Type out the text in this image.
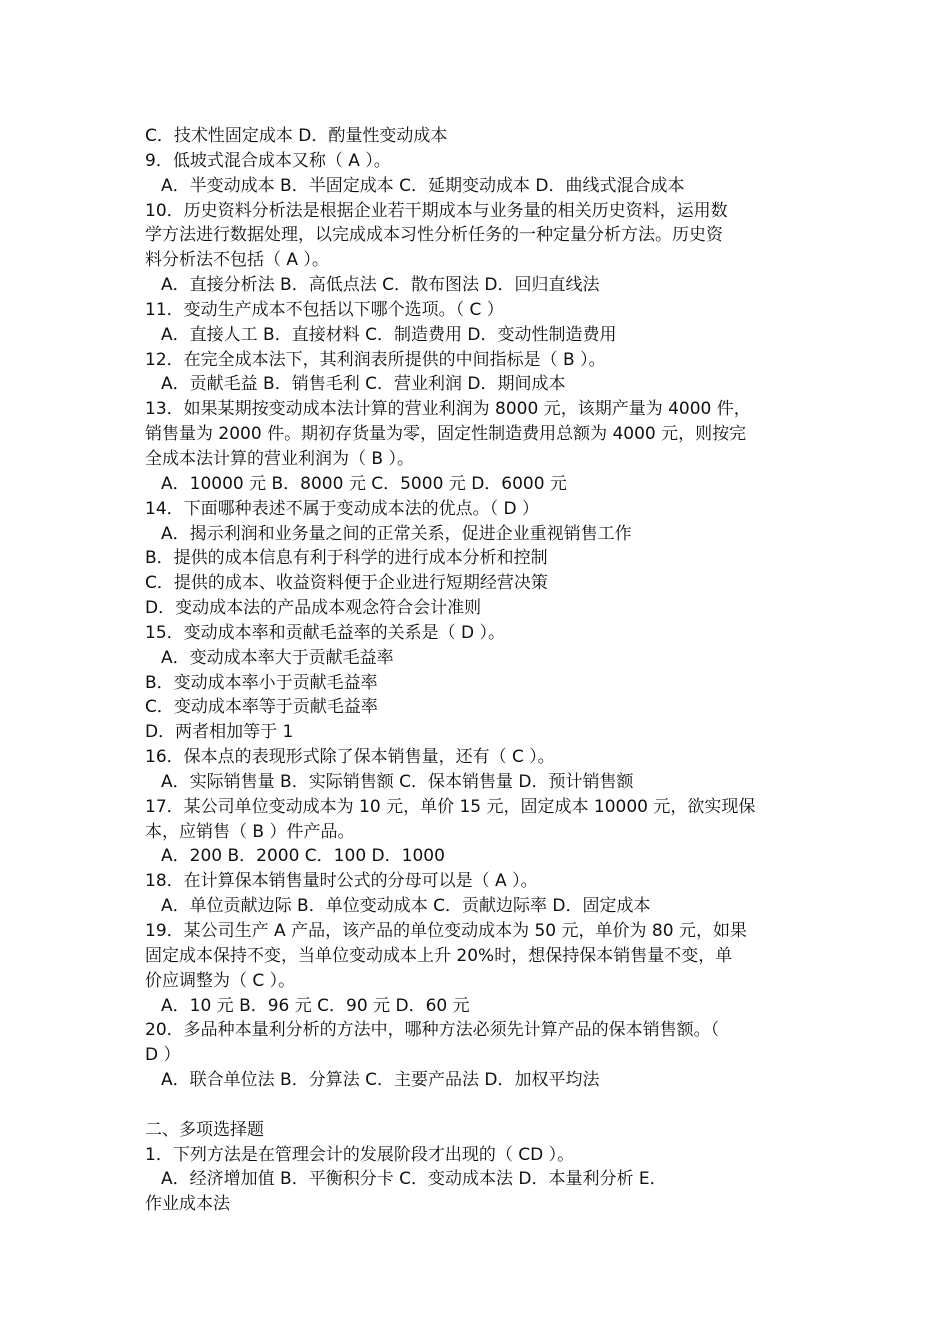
C．技术性固定成本 D．酌量性变动成本
9．低坡式混合成本又称（ A ）。
A．半变动成本 B．半固定成本 C．延期变动成本 D．曲线式混合成本
10．历史资料分析法是根据企业若干期成本与业务量的相关历史资料，运用数
学方法进行数据处理，以完成成本习性分析任务的一种定量分析方法。历史资
料分析法不包括（ A ）。
A．直接分析法 B．高低点法 C．散布图法 D．回归直线法
11．变动生产成本不包括以下哪个选项。（ C ）
A．直接人工 B．直接材料 C．制造费用 D．变动性制造费用
12．在完全成本法下，其利润表所提供的中间指标是（ B ）。
A．贡献毛益 B．销售毛利 C．营业利润 D．期间成本
13．如果某期按变动成本法计算的营业利润为 8000 元，该期产量为 4000 件，
销售量为 2000 件。期初存货量为零，固定性制造费用总额为 4000 元，则按完
全成本法计算的营业利润为（ B ）。
A．10000 元 B．8000 元 C．5000 元 D．6000 元
14．下面哪种表述不属于变动成本法的优点。（ D ）
A．揭示利润和业务量之间的正常关系，促进企业重视销售工作
B．提供的成本信息有利于科学的进行成本分析和控制
C．提供的成本、收益资料便于企业进行短期经营决策
D．变动成本法的产品成本观念符合会计准则
15．变动成本率和贡献毛益率的关系是（ D ）。
A．变动成本率大于贡献毛益率
B．变动成本率小于贡献毛益率
C．变动成本率等于贡献毛益率
D．两者相加等于 1
16．保本点的表现形式除了保本销售量，还有（ C ）。
A．实际销售量 B．实际销售额 C．保本销售量 D．预计销售额
17．某公司单位变动成本为 10 元，单价 15 元，固定成本 10000 元，欲实现保
本，应销售（ B ）件产品。
A．200 B．2000 C．100 D．1000
18．在计算保本销售量时公式的分母可以是（ A ）。
A．单位贡献边际 B．单位变动成本 C．贡献边际率 D．固定成本
19．某公司生产 A 产品，该产品的单位变动成本为 50 元，单价为 80 元，如果
固定成本保持不变，当单位变动成本上升 20%时，想保持保本销售量不变，单
价应调整为（ C ）。
A．10 元 B．96 元 C．90 元 D．60 元
20．多品种本量利分析的方法中，哪种方法必须先计算产品的保本销售额。（
D ）
A．联合单位法 B．分算法 C．主要产品法 D．加权平均法
二、多项选择题
1．下列方法是在管理会计的发展阶段才出现的（ CD ）。
A．经济增加值 B．平衡积分卡 C．变动成本法 D．本量利分析 E．
作业成本法
